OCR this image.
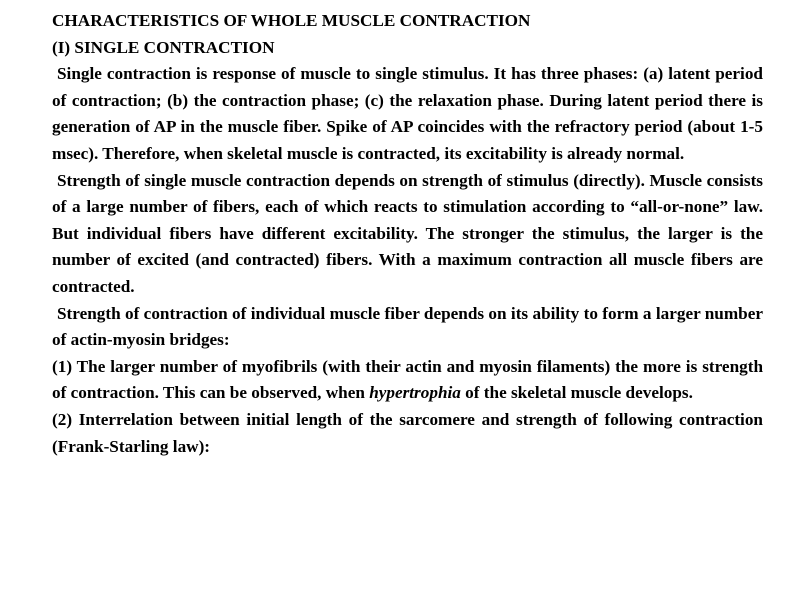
CHARACTERISTICS OF WHOLE MUSCLE CONTRACTION

(I) SINGLE CONTRACTION

Single contraction is response of muscle to single stimulus. It has three phases: (a) latent period of contraction; (b) the contraction phase; (c) the relaxation phase. During latent period there is generation of AP in the muscle fiber. Spike of AP coincides with the refractory period (about 1-5 msec). Therefore, when skeletal muscle is contracted, its excitability is already normal.

Strength of single muscle contraction depends on strength of stimulus (directly). Muscle consists of a large number of fibers, each of which reacts to stimulation according to “all-or-none” law. But individual fibers have different excitability. The stronger the stimulus, the larger is the number of excited (and contracted) fibers. With a maximum contraction all muscle fibers are contracted.

Strength of contraction of individual muscle fiber depends on its ability to form a larger number of actin-myosin bridges:

(1) The larger number of myofibrils (with their actin and myosin filaments) the more is strength of contraction. This can be observed, when hypertrophia of the skeletal muscle develops.

(2) Interrelation between initial length of the sarcomere and strength of following contraction (Frank-Starling law):
